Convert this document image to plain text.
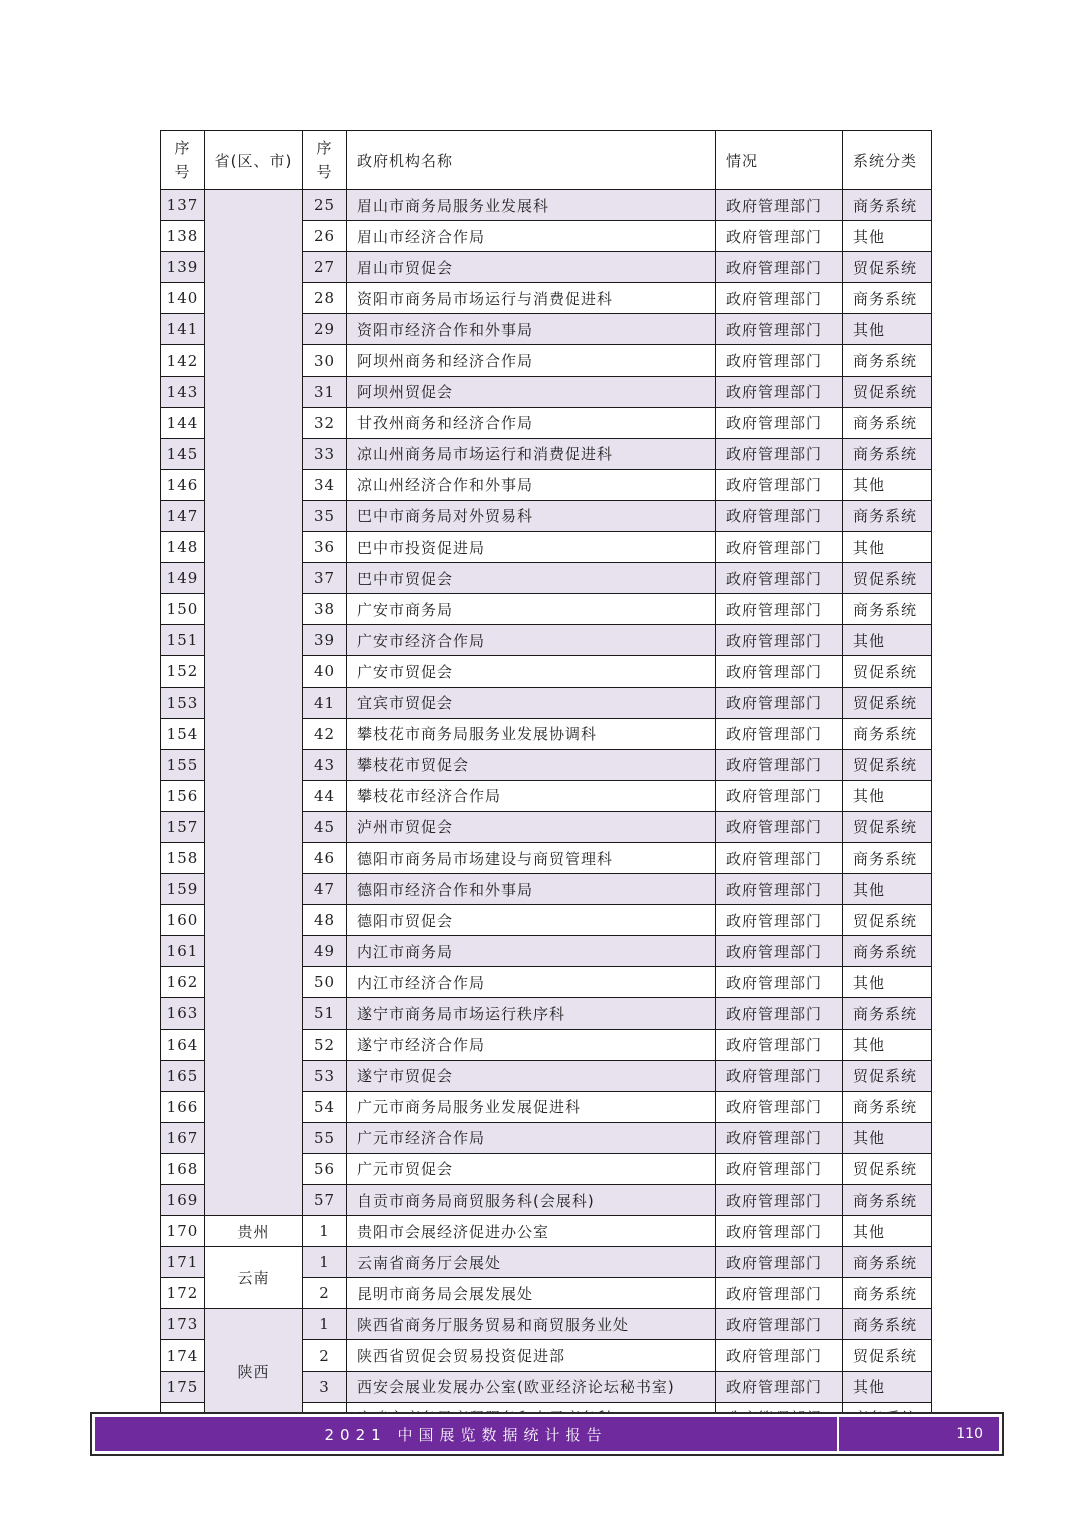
序
号	省(区、市)	序
号	政府机构名称	情况	系统分类
137		25	眉山市商务局服务业发展科	政府管理部门	商务系统
138		26	眉山市经济合作局	政府管理部门	其他
139		27	眉山市贸促会	政府管理部门	贸促系统
140		28	资阳市商务局市场运行与消费促进科	政府管理部门	商务系统
141		29	资阳市经济合作和外事局	政府管理部门	其他
142		30	阿坝州商务和经济合作局	政府管理部门	商务系统
143		31	阿坝州贸促会	政府管理部门	贸促系统
144		32	甘孜州商务和经济合作局	政府管理部门	商务系统
145		33	凉山州商务局市场运行和消费促进科	政府管理部门	商务系统
146		34	凉山州经济合作和外事局	政府管理部门	其他
147		35	巴中市商务局对外贸易科	政府管理部门	商务系统
148		36	巴中市投资促进局	政府管理部门	其他
149		37	巴中市贸促会	政府管理部门	贸促系统
150		38	广安市商务局	政府管理部门	商务系统
151		39	广安市经济合作局	政府管理部门	其他
152		40	广安市贸促会	政府管理部门	贸促系统
153		41	宜宾市贸促会	政府管理部门	贸促系统
154		42	攀枝花市商务局服务业发展协调科	政府管理部门	商务系统
155		43	攀枝花市贸促会	政府管理部门	贸促系统
156		44	攀枝花市经济合作局	政府管理部门	其他
157		45	泸州市贸促会	政府管理部门	贸促系统
158		46	德阳市商务局市场建设与商贸管理科	政府管理部门	商务系统
159		47	德阳市经济合作和外事局	政府管理部门	其他
160		48	德阳市贸促会	政府管理部门	贸促系统
161		49	内江市商务局	政府管理部门	商务系统
162		50	内江市经济合作局	政府管理部门	其他
163		51	遂宁市商务局市场运行秩序科	政府管理部门	商务系统
164		52	遂宁市经济合作局	政府管理部门	其他
165		53	遂宁市贸促会	政府管理部门	贸促系统
166		54	广元市商务局服务业发展促进科	政府管理部门	商务系统
167		55	广元市经济合作局	政府管理部门	其他
168		56	广元市贸促会	政府管理部门	贸促系统
169		57	自贡市商务局商贸服务科(会展科)	政府管理部门	商务系统
170	贵州	1	贵阳市会展经济促进办公室	政府管理部门	其他
171	云南	1	云南省商务厅会展处	政府管理部门	商务系统
172		2	昆明市商务局会展发展处	政府管理部门	商务系统
173	陕西	1	陕西省商务厅服务贸易和商贸服务业处	政府管理部门	商务系统
174		2	陕西省贸促会贸易投资促进部	政府管理部门	贸促系统
175		3	西安会展业发展办公室(欧亚经济论坛秘书室)	政府管理部门	其他

2021 中国展览数据统计报告	110
